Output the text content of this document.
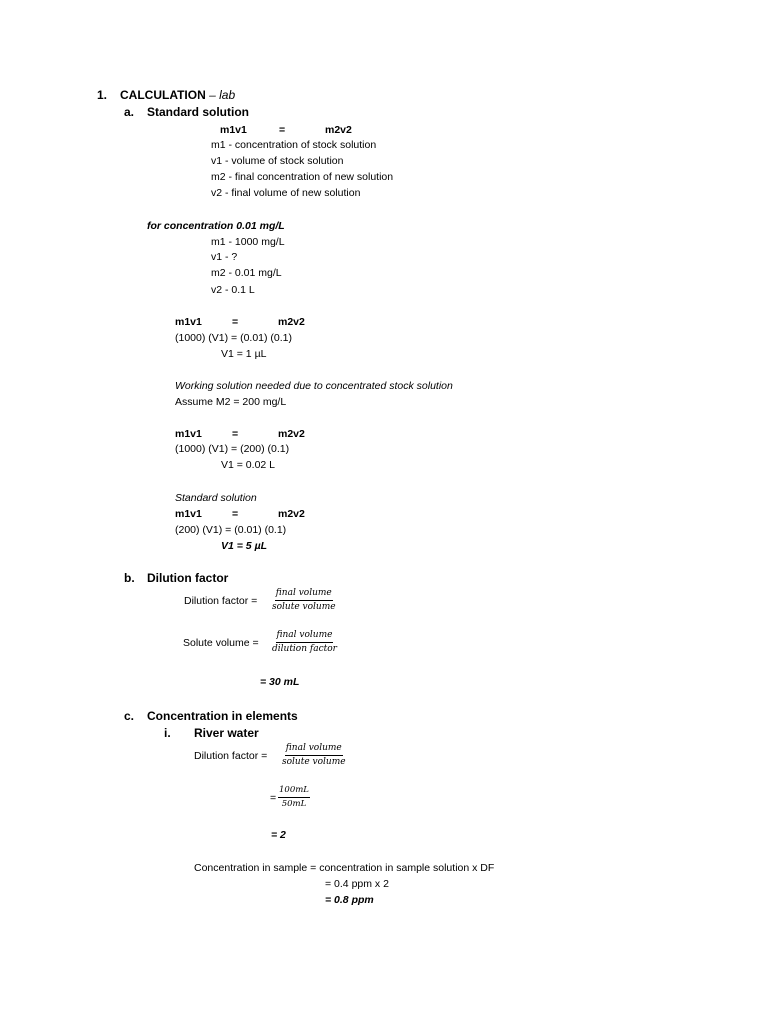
1. CALCULATION – lab
a. Standard solution
m1v1	=	m2v2
m1 - concentration of stock solution
v1 - volume of stock solution
m2 - final concentration of new solution
v2 - final volume of new solution
for concentration 0.01 mg/L
m1 - 1000 mg/L
v1 - ?
m2 - 0.01 mg/L
v2 - 0.1 L
m1v1	=	m2v2
(1000) (V1) = (0.01) (0.1)
V1 = 1 µL
Working solution needed due to concentrated stock solution
Assume M2 = 200 mg/L
m1v1	=	m2v2
(1000) (V1) = (200) (0.1)
V1 = 0.02 L
Standard solution
m1v1	=	m2v2
(200) (V1) = (0.01) (0.1)
V1 = 5 µL
b. Dilution factor
Dilution factor =
final volume
solute volume
Solute volume =
final volume
dilution factor
= 30 mL
c. Concentration in elements
i. River water
Dilution factor =
final volume
solute volume
= $\frac{100mL}{50mL}$
= 2
Concentration in sample = concentration in sample solution x DF
= 0.4 ppm x 2
= 0.8 ppm
